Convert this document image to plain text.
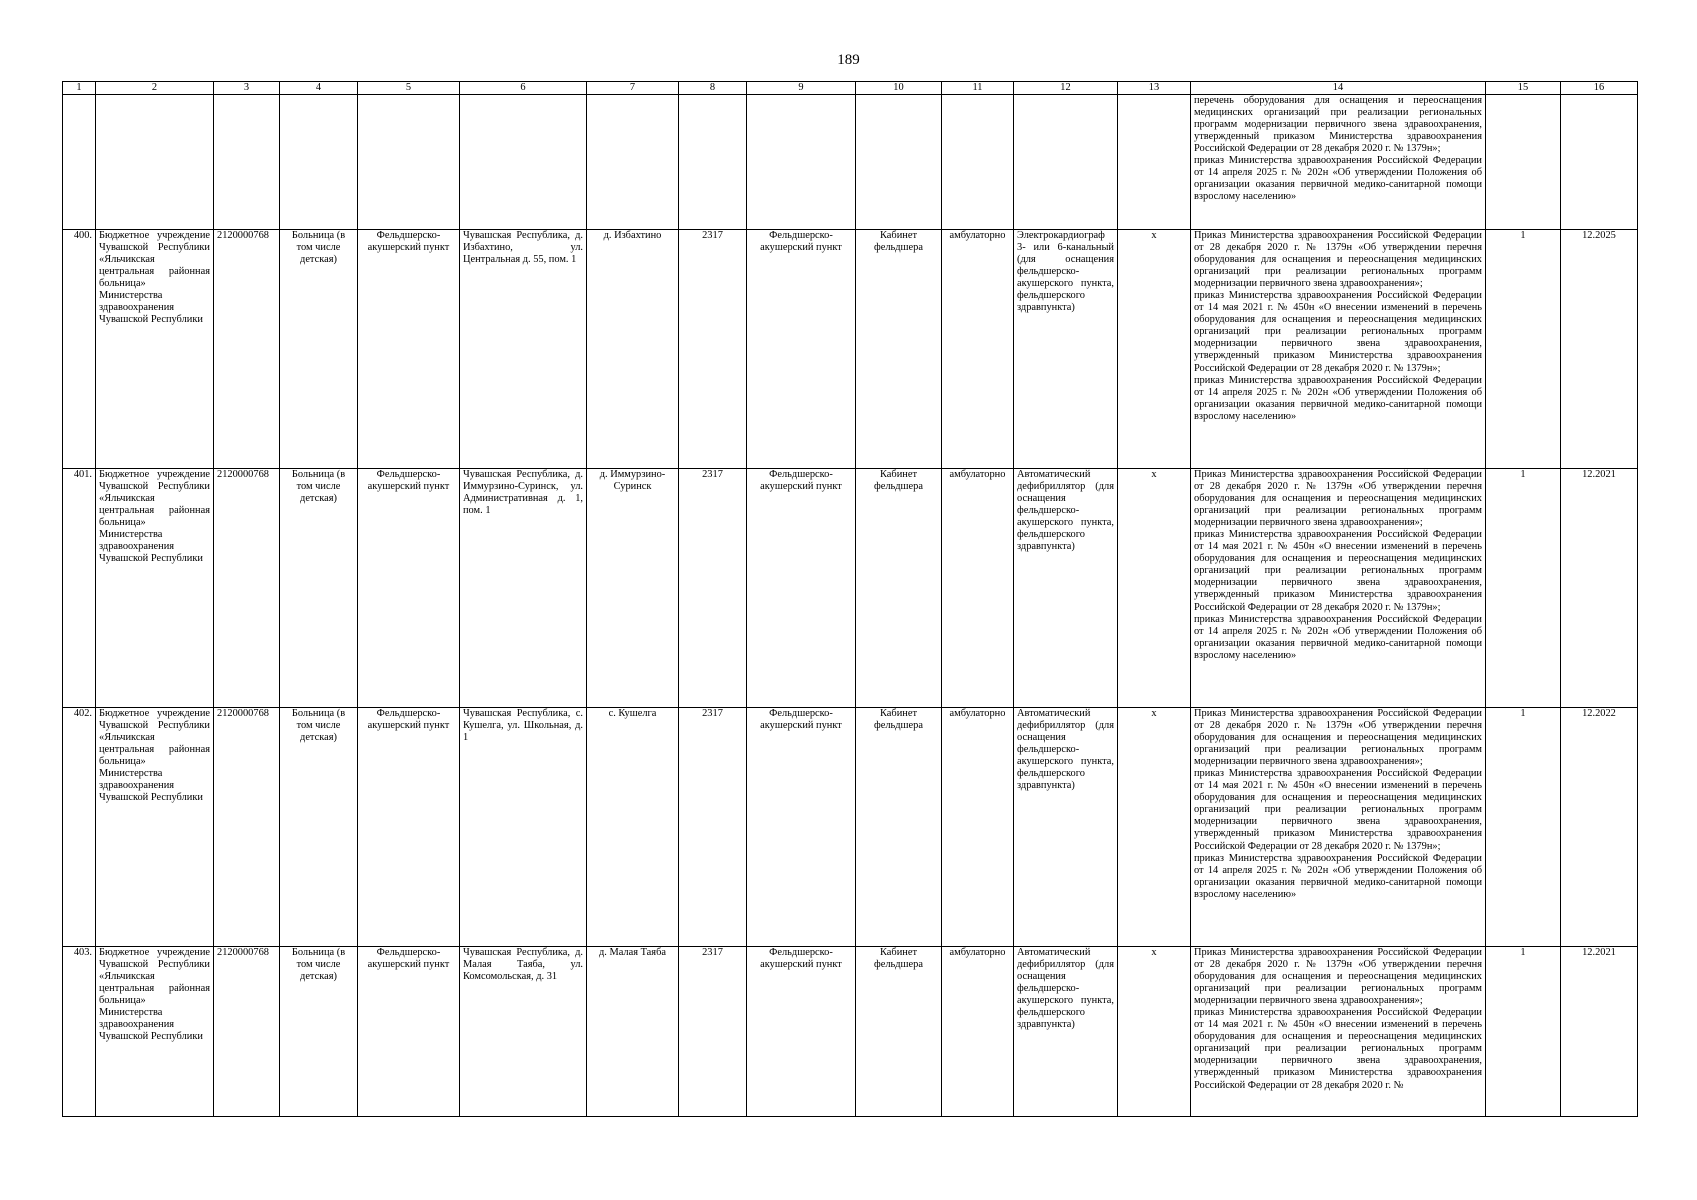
189
1	2	3	4	5	6	7	8	9	10	11	12	13	14	15	16

													перечень оборудования для оснащения и переоснащения медицинских организаций при реализации региональных программ модернизации первичного звена здравоохранения, утвержденный приказом Министерства здравоохранения Российской Федерации от 28 декабря 2020 г. № 1379н»;

приказ Министерства здравоохранения Российской Федерации от 14 апреля 2025 г. № 202н «Об утверждении Положения об организации оказания первичной медико-санитарной помощи взрослому населению»		

400.	Бюджетное учреждение Чувашской Республики «Яльчикская центральная районная больница» Министерства здравоохранения Чувашской Республики	2120000768	Больница (в том числе детская)	Фельдшерско-акушерский пункт	Чувашская Республика, д. Избахтино, ул. Центральная д. 55, пом. 1	д. Избахтино	2317	Фельдшерско-акушерский пункт	Кабинет фельдшера	амбулаторно	Электрокардиограф 3- или 6-канальный (для оснащения фельдшерско-акушерского пункта, фельдшерского здравпункта)	х	Приказ Министерства здравоохранения Российской Федерации от 28 декабря 2020 г. № 1379н «Об утверждении перечня оборудования для оснащения и переоснащения медицинских организаций при реализации региональных программ модернизации первичного звена здравоохранения»;

приказ Министерства здравоохранения Российской Федерации от 14 мая 2021 г. № 450н «О внесении изменений в перечень оборудования для оснащения и переоснащения медицинских организаций при реализации региональных программ модернизации первичного звена здравоохранения, утвержденный приказом Министерства здравоохранения Российской Федерации от 28 декабря 2020 г. № 1379н»;

приказ Министерства здравоохранения Российской Федерации от 14 апреля 2025 г. № 202н «Об утверждении Положения об организации оказания первичной медико-санитарной помощи взрослому населению»	1	12.2025
401.	Бюджетное учреждение Чувашской Республики «Яльчикская центральная районная больница» Министерства здравоохранения Чувашской Республики	2120000768	Больница (в том числе детская)	Фельдшерско-акушерский пункт	Чувашская Республика, д. Иммурзино-Суринск, ул. Административная д. 1, пом. 1	д. Иммурзино-Суринск	2317	Фельдшерско-акушерский пункт	Кабинет фельдшера	амбулаторно	Автоматический дефибриллятор (для оснащения фельдшерско-акушерского пункта, фельдшерского здравпункта)	х	Приказ Министерства здравоохранения Российской Федерации от 28 декабря 2020 г. № 1379н «Об утверждении перечня оборудования для оснащения и переоснащения медицинских организаций при реализации региональных программ модернизации первичного звена здравоохранения»;

приказ Министерства здравоохранения Российской Федерации от 14 мая 2021 г. № 450н «О внесении изменений в перечень оборудования для оснащения и переоснащения медицинских организаций при реализации региональных программ модернизации первичного звена здравоохранения, утвержденный приказом Министерства здравоохранения Российской Федерации от 28 декабря 2020 г. № 1379н»;

приказ Министерства здравоохранения Российской Федерации от 14 апреля 2025 г. № 202н «Об утверждении Положения об организации оказания первичной медико-санитарной помощи взрослому населению»	1	12.2021
402.	Бюджетное учреждение Чувашской Республики «Яльчикская центральная районная больница» Министерства здравоохранения Чувашской Республики	2120000768	Больница (в том числе детская)	Фельдшерско-акушерский пункт	Чувашская Республика, с. Кушелга, ул. Школьная, д. 1	с. Кушелга	2317	Фельдшерско-акушерский пункт	Кабинет фельдшера	амбулаторно	Автоматический дефибриллятор (для оснащения фельдшерско-акушерского пункта, фельдшерского здравпункта)	х	Приказ Министерства здравоохранения Российской Федерации от 28 декабря 2020 г. № 1379н «Об утверждении перечня оборудования для оснащения и переоснащения медицинских организаций при реализации региональных программ модернизации первичного звена здравоохранения»;

приказ Министерства здравоохранения Российской Федерации от 14 мая 2021 г. № 450н «О внесении изменений в перечень оборудования для оснащения и переоснащения медицинских организаций при реализации региональных программ модернизации первичного звена здравоохранения, утвержденный приказом Министерства здравоохранения Российской Федерации от 28 декабря 2020 г. № 1379н»;

приказ Министерства здравоохранения Российской Федерации от 14 апреля 2025 г. № 202н «Об утверждении Положения об организации оказания первичной медико-санитарной помощи взрослому населению»	1	12.2022
403.	Бюджетное учреждение Чувашской Республики «Яльчикская центральная районная больница» Министерства здравоохранения Чувашской Республики	2120000768	Больница (в том числе детская)	Фельдшерско-акушерский пункт	Чувашская Республика, д. Малая Таяба, ул. Комсомольская, д. 31	д. Малая Таяба	2317	Фельдшерско-акушерский пункт	Кабинет фельдшера	амбулаторно	Автоматический дефибриллятор (для оснащения фельдшерско-акушерского пункта, фельдшерского здравпункта)	х	Приказ Министерства здравоохранения Российской Федерации от 28 декабря 2020 г. № 1379н «Об утверждении перечня оборудования для оснащения и переоснащения медицинских организаций при реализации региональных программ модернизации первичного звена здравоохранения»;

приказ Министерства здравоохранения Российской Федерации от 14 мая 2021 г. № 450н «О внесении изменений в перечень оборудования для оснащения и переоснащения медицинских организаций при реализации региональных программ модернизации первичного звена здравоохранения, утвержденный приказом Министерства здравоохранения Российской Федерации от 28 декабря 2020 г. №	1	12.2021
